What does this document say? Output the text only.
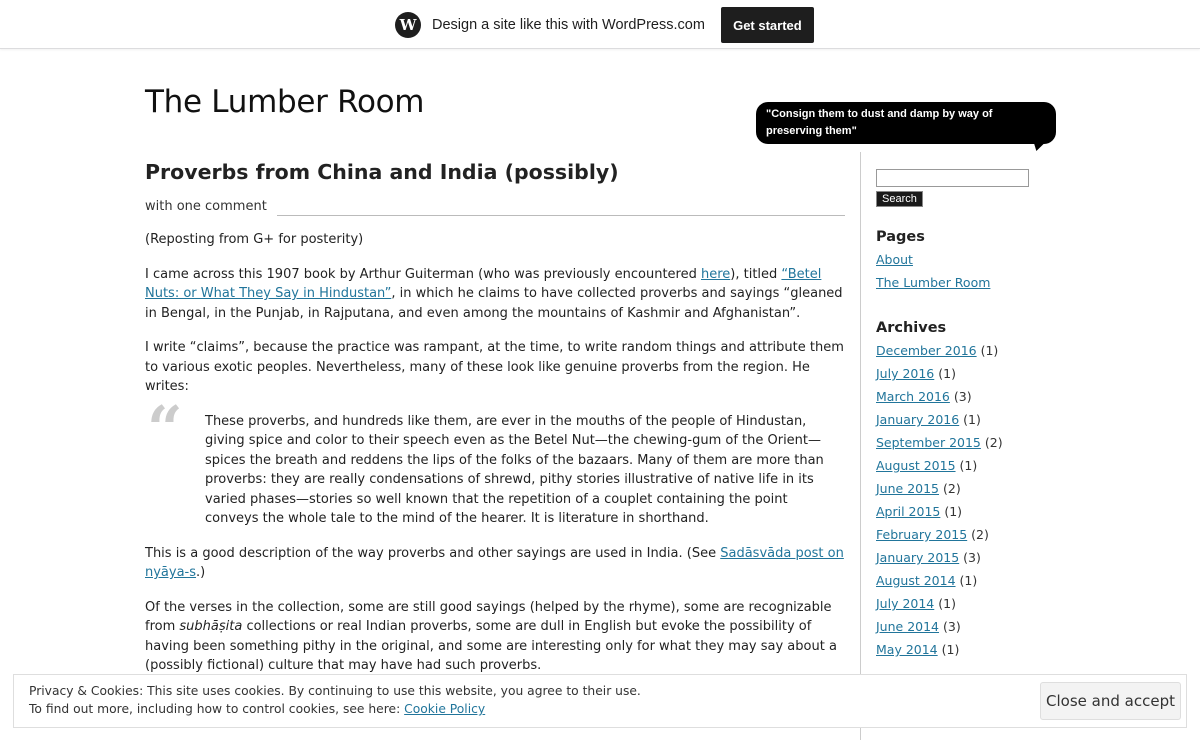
W	Design a site like this with WordPress.com	Get started
The Lumber Room	"Consign them to dust and damp by way of preserving them"
Proverbs from China and India (possibly)
with one comment

(Reposting from G+ for posterity)

I came across this 1907 book by Arthur Guiterman (who was previously encountered here), titled “Betel Nuts: or What They Say in Hindustan”, in which he claims to have collected proverbs and sayings “gleaned in Bengal, in the Punjab, in Rajputana, and even among the mountains of Kashmir and Afghanistan”.

I write “claims”, because the practice was rampant, at the time, to write random things and attribute them to various exotic peoples. Nevertheless, many of these look like genuine proverbs from the region. He writes:

“ These proverbs, and hundreds like them, are ever in the mouths of the people of Hindustan, giving spice and color to their speech even as the Betel Nut—the chewing-gum of the Orient—spices the breath and reddens the lips of the folks of the bazaars. Many of them are more than proverbs: they are really condensations of shrewd, pithy stories illustrative of native life in its varied phases—stories so well known that the repetition of a couplet containing the point conveys the whole tale to the mind of the hearer. It is literature in shorthand.

This is a good description of the way proverbs and other sayings are used in India. (See Sadāsvāda post on nyāya-s.)

Of the verses in the collection, some are still good sayings (helped by the rhyme), some are recognizable from subhāṣita collections or real Indian proverbs, some are dull in English but evoke the possibility of having been something pithy in the original, and some are interesting only for what they may say about a (possibly fictional) culture that may have had such proverbs.

Search
Pages
About
The Lumber Room
Archives
December 2016 (1)
July 2016 (1)
March 2016 (3)
January 2016 (1)
September 2015 (2)
August 2015 (1)
June 2015 (2)
April 2015 (1)
February 2015 (2)
January 2015 (3)
August 2014 (1)
July 2014 (1)
June 2014 (3)
May 2014 (1)
Privacy & Cookies: This site uses cookies. By continuing to use this website, you agree to their use.
To find out more, including how to control cookies, see here: Cookie Policy	Close and accept
